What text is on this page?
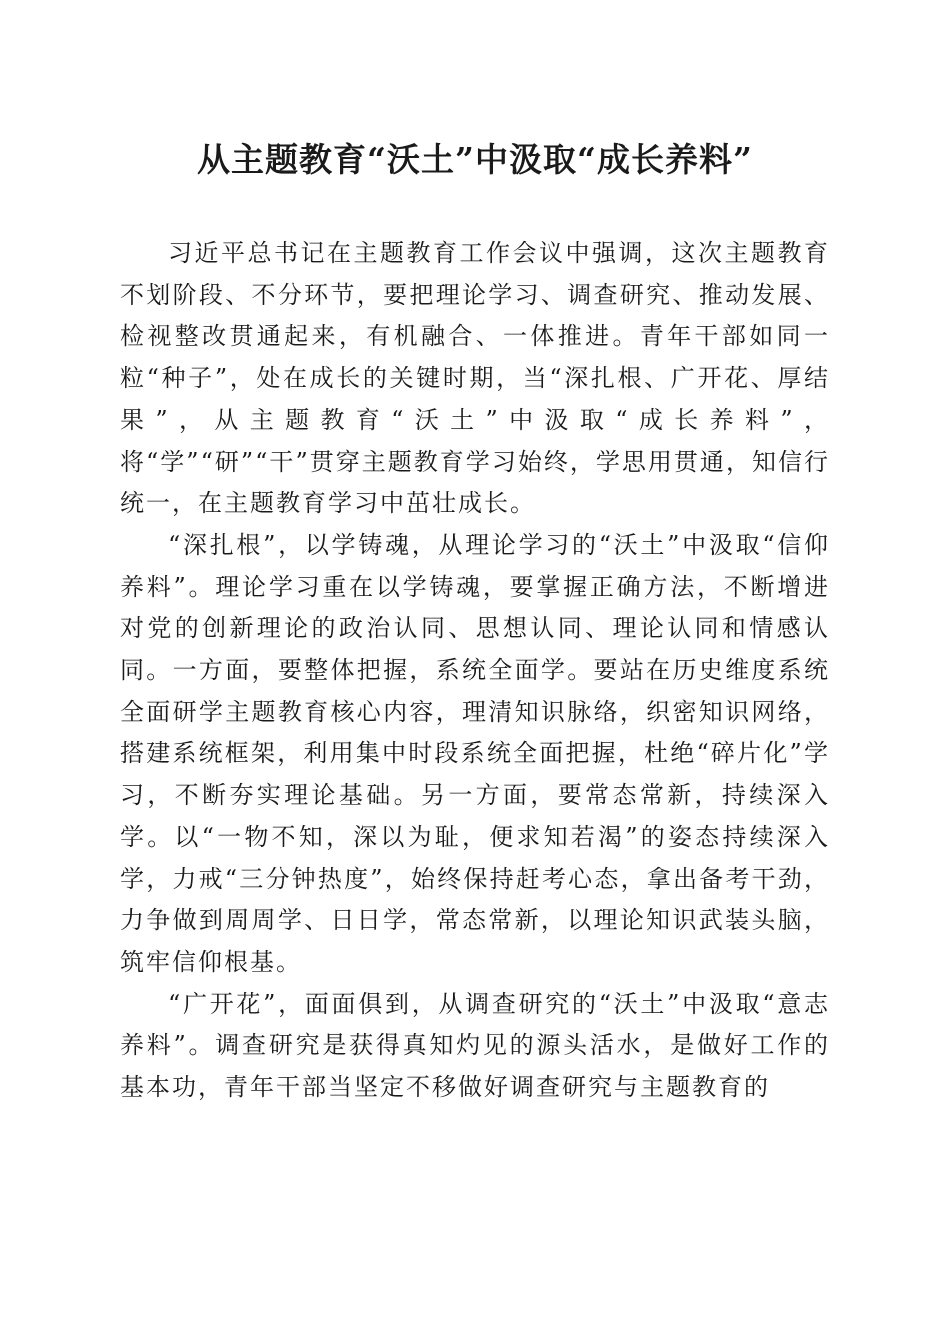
从主题教育“沃土”中汲取“成长养料”

习近平总书记在主题教育工作会议中强调，这次主题教育不划阶段、不分环节，要把理论学习、调查研究、推动发展、检视整改贯通起来，有机融合、一体推进。青年干部如同一粒“种子”，处在成长的关键时期，当“深扎根、广开花、厚结果”，从主题教育“沃土”中汲取“成长养料”，将“学”“研”“干”贯穿主题教育学习始终，学思用贯通，知信行统一，在主题教育学习中茁壮成长。

“深扎根”，以学铸魂，从理论学习的“沃土”中汲取“信仰养料”。理论学习重在以学铸魂，要掌握正确方法，不断增进对党的创新理论的政治认同、思想认同、理论认同和情感认同。一方面，要整体把握，系统全面学。要站在历史维度系统全面研学主题教育核心内容，理清知识脉络，织密知识网络，搭建系统框架，利用集中时段系统全面把握，杜绝“碎片化”学习，不断夯实理论基础。另一方面，要常态常新，持续深入学。以“一物不知，深以为耻，便求知若渴”的姿态持续深入学，力戒“三分钟热度”，始终保持赶考心态，拿出备考干劲，力争做到周周学、日日学，常态常新，以理论知识武装头脑，筑牢信仰根基。

“广开花”，面面俱到，从调查研究的“沃土”中汲取“意志养料”。调查研究是获得真知灼见的源头活水，是做好工作的基本功，青年干部当坚定不移做好调查研究与主题教育的
